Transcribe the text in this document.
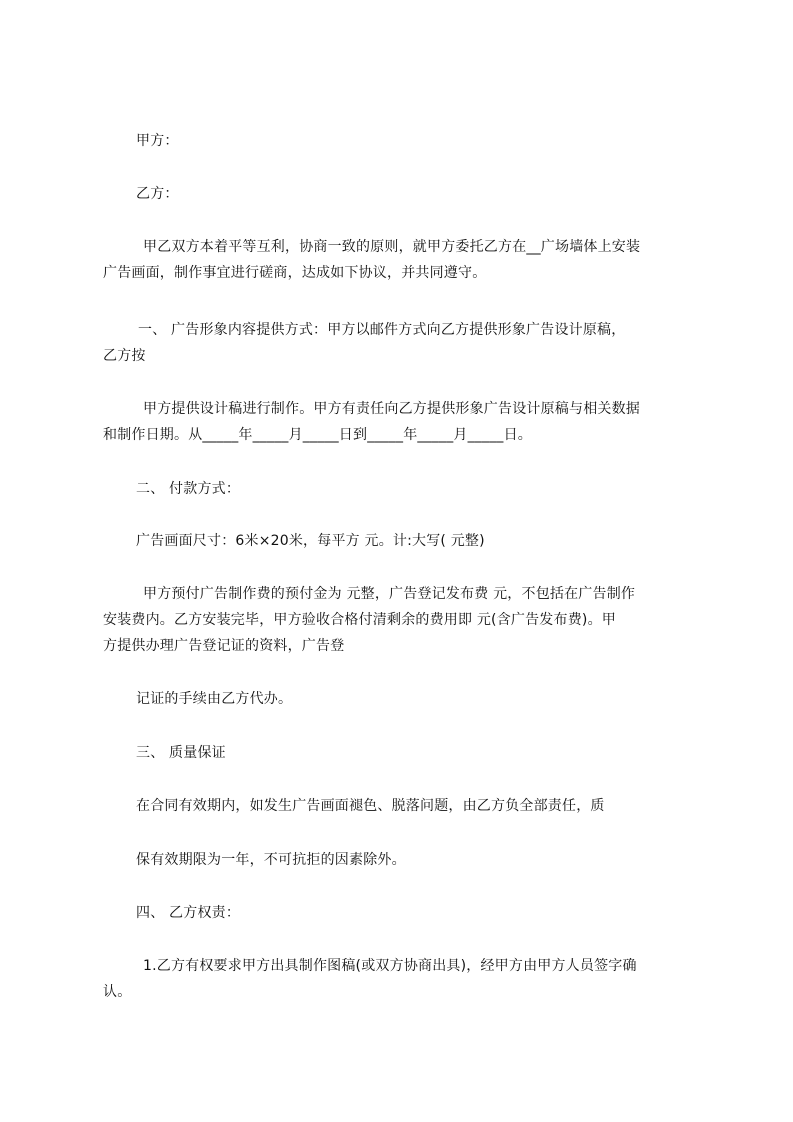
甲方：
乙方：
甲乙双方本着平等互利，协商一致的原则，就甲方委托乙方在__广场墙体上安装
广告画面，制作事宜进行磋商，达成如下协议，并共同遵守。
一、 广告形象内容提供方式：甲方以邮件方式向乙方提供形象广告设计原稿，
乙方按
甲方提供设计稿进行制作。甲方有责任向乙方提供形象广告设计原稿与相关数据
和制作日期。从_____年_____月_____日到_____年_____月_____日。
二、 付款方式：
广告画面尺寸：6米×20米，每平方 元。计:大写( 元整)
甲方预付广告制作费的预付金为 元整，广告登记发布费 元，不包括在广告制作
安装费内。乙方安装完毕，甲方验收合格付清剩余的费用即 元(含广告发布费)。甲
方提供办理广告登记证的资料，广告登
记证的手续由乙方代办。
三、 质量保证
在合同有效期内，如发生广告画面褪色、脱落问题，由乙方负全部责任，质
保有效期限为一年，不可抗拒的因素除外。
四、 乙方权责：
1.乙方有权要求甲方出具制作图稿(或双方协商出具)，经甲方由甲方人员签字确
认。
